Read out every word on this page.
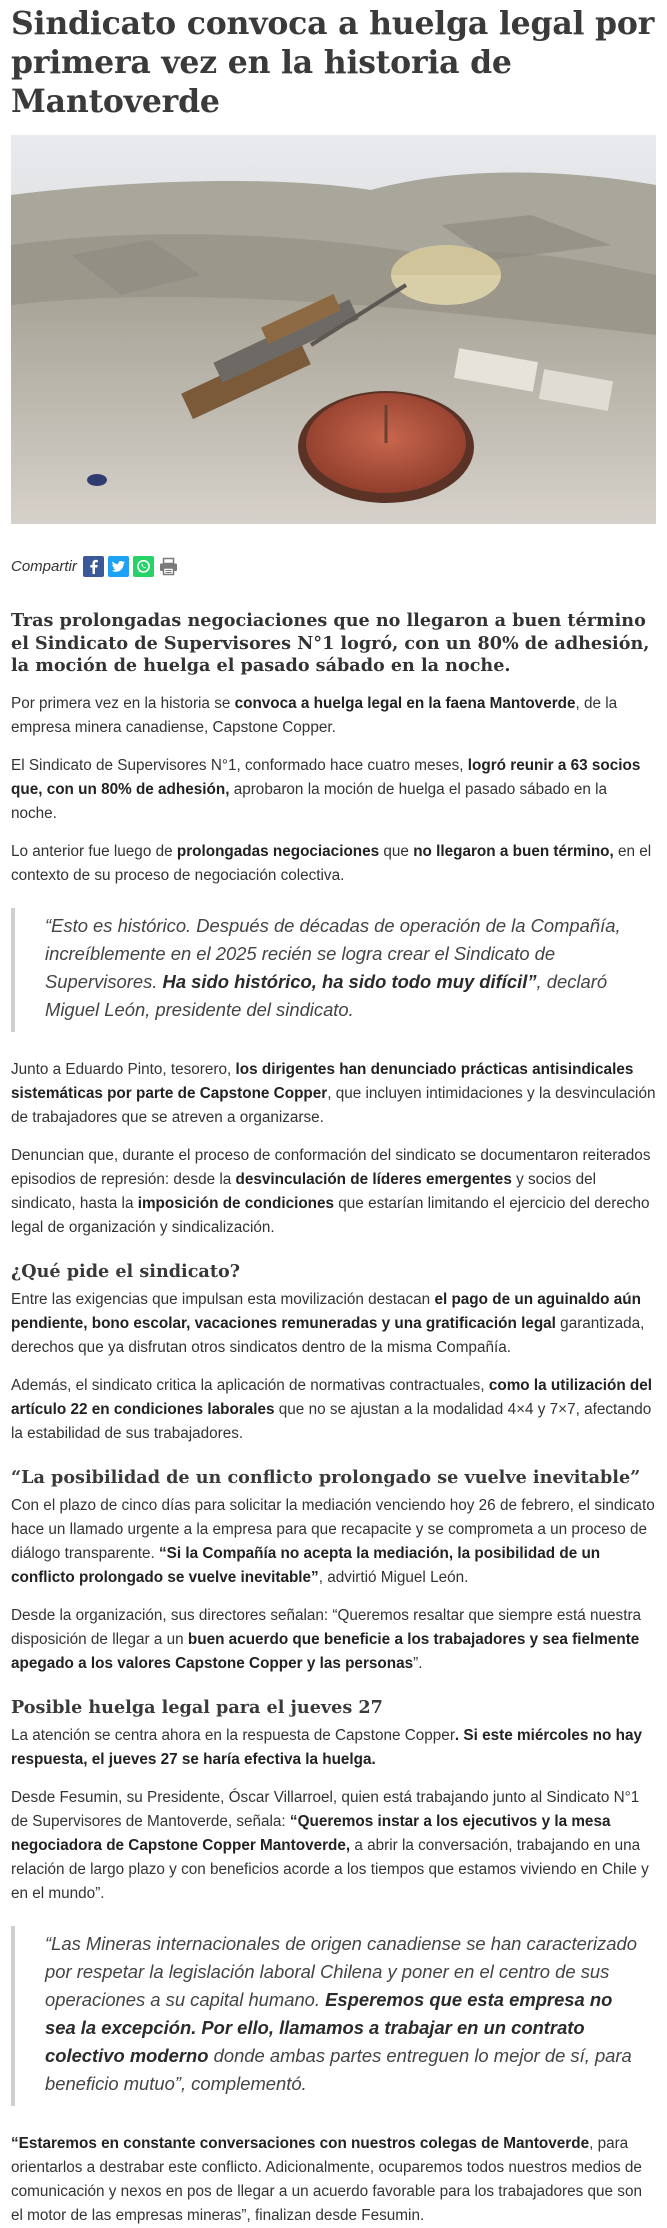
Sindicato convoca a huelga legal por primera vez en la historia de Mantoverde
Compartir

Tras prolongadas negociaciones que no llegaron a buen término el Sindicato de Supervisores N°1 logró, con un 80% de adhesión, la moción de huelga el pasado sábado en la noche.

Por primera vez en la historia se convoca a huelga legal en la faena Mantoverde, de la empresa minera canadiense, Capstone Copper.

El Sindicato de Supervisores N°1, conformado hace cuatro meses, logró reunir a 63 socios que, con un 80% de adhesión, aprobaron la moción de huelga el pasado sábado en la noche.

Lo anterior fue luego de prolongadas negociaciones que no llegaron a buen término, en el contexto de su proceso de negociación colectiva.

“Esto es histórico. Después de décadas de operación de la Compañía, increíblemente en el 2025 recién se logra crear el Sindicato de Supervisores. Ha sido histórico, ha sido todo muy difícil”, declaró Miguel León, presidente del sindicato.

Junto a Eduardo Pinto, tesorero, los dirigentes han denunciado prácticas antisindicales sistemáticas por parte de Capstone Copper, que incluyen intimidaciones y la desvinculación de trabajadores que se atreven a organizarse.

Denuncian que, durante el proceso de conformación del sindicato se documentaron reiterados episodios de represión: desde la desvinculación de líderes emergentes y socios del sindicato, hasta la imposición de condiciones que estarían limitando el ejercicio del derecho legal de organización y sindicalización.

¿Qué pide el sindicato?

Entre las exigencias que impulsan esta movilización destacan el pago de un aguinaldo aún pendiente, bono escolar, vacaciones remuneradas y una gratificación legal garantizada, derechos que ya disfrutan otros sindicatos dentro de la misma Compañía.

Además, el sindicato critica la aplicación de normativas contractuales, como la utilización del artículo 22 en condiciones laborales que no se ajustan a la modalidad 4×4 y 7×7, afectando la estabilidad de sus trabajadores.

“La posibilidad de un conflicto prolongado se vuelve inevitable”

Con el plazo de cinco días para solicitar la mediación venciendo hoy 26 de febrero, el sindicato hace un llamado urgente a la empresa para que recapacite y se comprometa a un proceso de diálogo transparente. “Si la Compañía no acepta la mediación, la posibilidad de un conflicto prolongado se vuelve inevitable”, advirtió Miguel León.

Desde la organización, sus directores señalan: “Queremos resaltar que siempre está nuestra disposición de llegar a un buen acuerdo que beneficie a los trabajadores y sea fielmente apegado a los valores Capstone Copper y las personas”.

Posible huelga legal para el jueves 27

La atención se centra ahora en la respuesta de Capstone Copper. Si este miércoles no hay respuesta, el jueves 27 se haría efectiva la huelga.

Desde Fesumin, su Presidente, Óscar Villarroel, quien está trabajando junto al Sindicato N°1 de Supervisores de Mantoverde, señala: “Queremos instar a los ejecutivos y la mesa negociadora de Capstone Copper Mantoverde, a abrir la conversación, trabajando en una relación de largo plazo y con beneficios acorde a los tiempos que estamos viviendo en Chile y en el mundo”.

“Las Mineras internacionales de origen canadiense se han caracterizado por respetar la legislación laboral Chilena y poner en el centro de sus operaciones a su capital humano. Esperemos que esta empresa no sea la excepción. Por ello, llamamos a trabajar en un contrato colectivo moderno donde ambas partes entreguen lo mejor de sí, para beneficio mutuo”, complementó.

“Estaremos en constante conversaciones con nuestros colegas de Mantoverde, para orientarlos a destrabar este conflicto. Adicionalmente, ocuparemos todos nuestros medios de comunicación y nexos en pos de llegar a un acuerdo favorable para los trabajadores que son el motor de las empresas mineras”, finalizan desde Fesumin.
